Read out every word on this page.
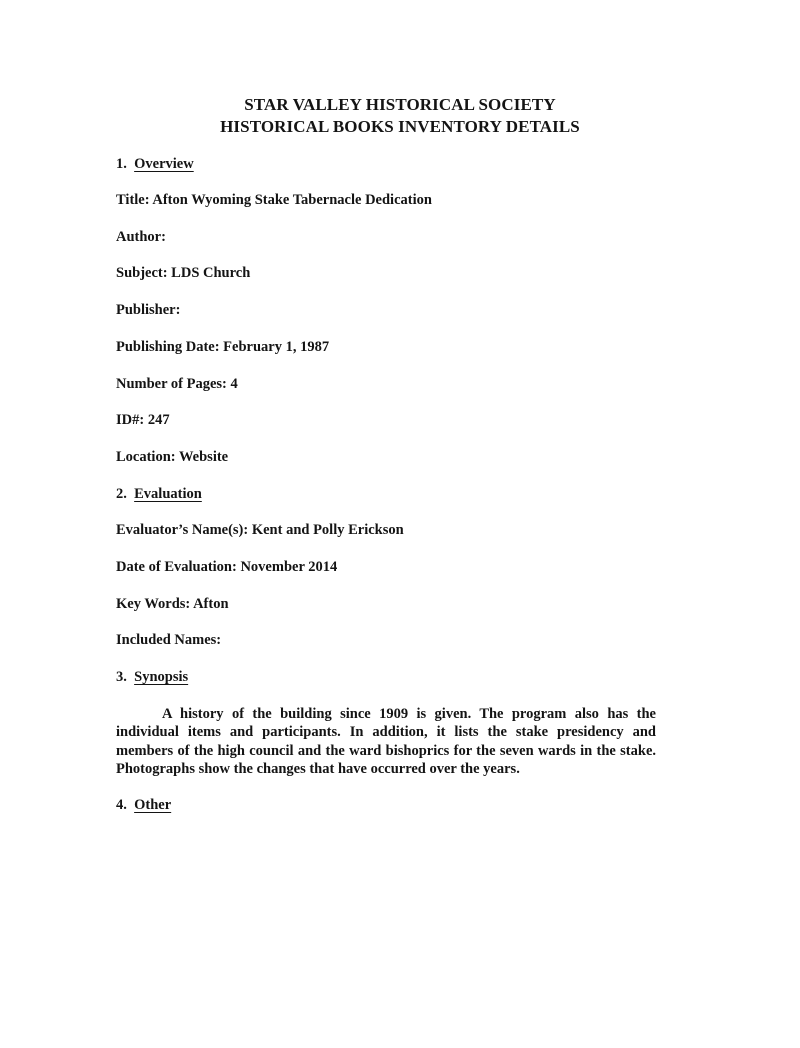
STAR VALLEY HISTORICAL SOCIETY
HISTORICAL BOOKS INVENTORY DETAILS
1. Overview
Title: Afton Wyoming Stake Tabernacle Dedication
Author:
Subject: LDS Church
Publisher:
Publishing Date: February 1, 1987
Number of Pages: 4
ID#: 247
Location: Website
2. Evaluation
Evaluator’s Name(s): Kent and Polly Erickson
Date of Evaluation: November 2014
Key Words: Afton
Included Names:
3. Synopsis
A history of the building since 1909 is given. The program also has the individual items and participants. In addition, it lists the stake presidency and members of the high council and the ward bishoprics for the seven wards in the stake. Photographs show the changes that have occurred over the years.
4. Other
